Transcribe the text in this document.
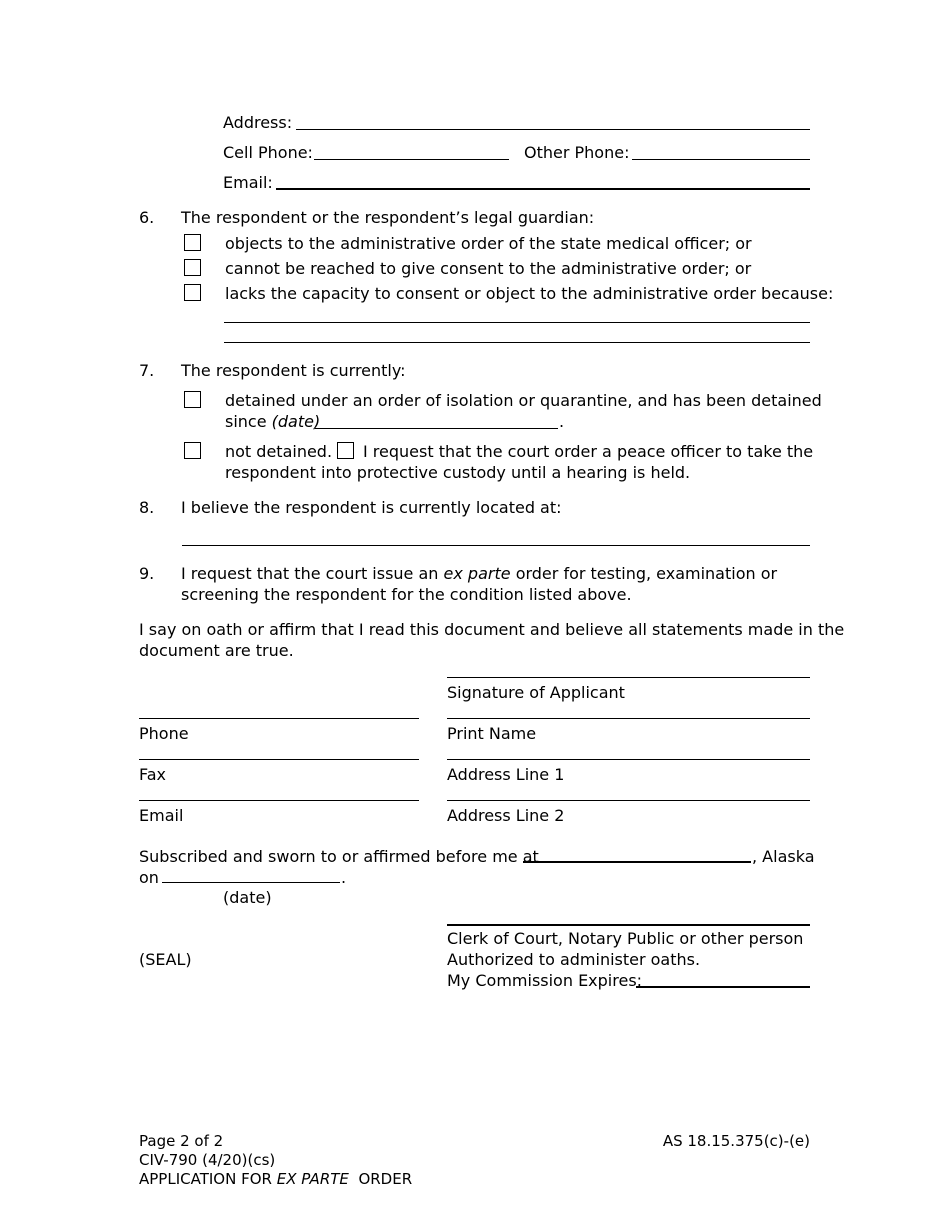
Address:
Cell Phone:	Other Phone:
Email:
6. The respondent or the respondent’s legal guardian:
objects to the administrative order of the state medical officer; or
cannot be reached to give consent to the administrative order; or
lacks the capacity to consent or object to the administrative order because:
7. The respondent is currently:
detained under an order of isolation or quarantine, and has been detained
since (date)	.
not detained. I request that the court order a peace officer to take the
respondent into protective custody until a hearing is held.
8. I believe the respondent is currently located at:
9. I request that the court issue an ex parte order for testing, examination or
screening the respondent for the condition listed above.
I say on oath or affirm that I read this document and believe all statements made in the
document are true.
Signature of Applicant
Phone	Print Name
Fax	Address Line 1
Email	Address Line 2
Subscribed and sworn to or affirmed before me at	, Alaska
on	.
(date)
(SEAL)
Clerk of Court, Notary Public or other person
Authorized to administer oaths.
My Commission Expires:
Page 2 of 2
CIV-790 (4/20)(cs)
APPLICATION FOR EX PARTE ORDER
AS 18.15.375(c)-(e)
